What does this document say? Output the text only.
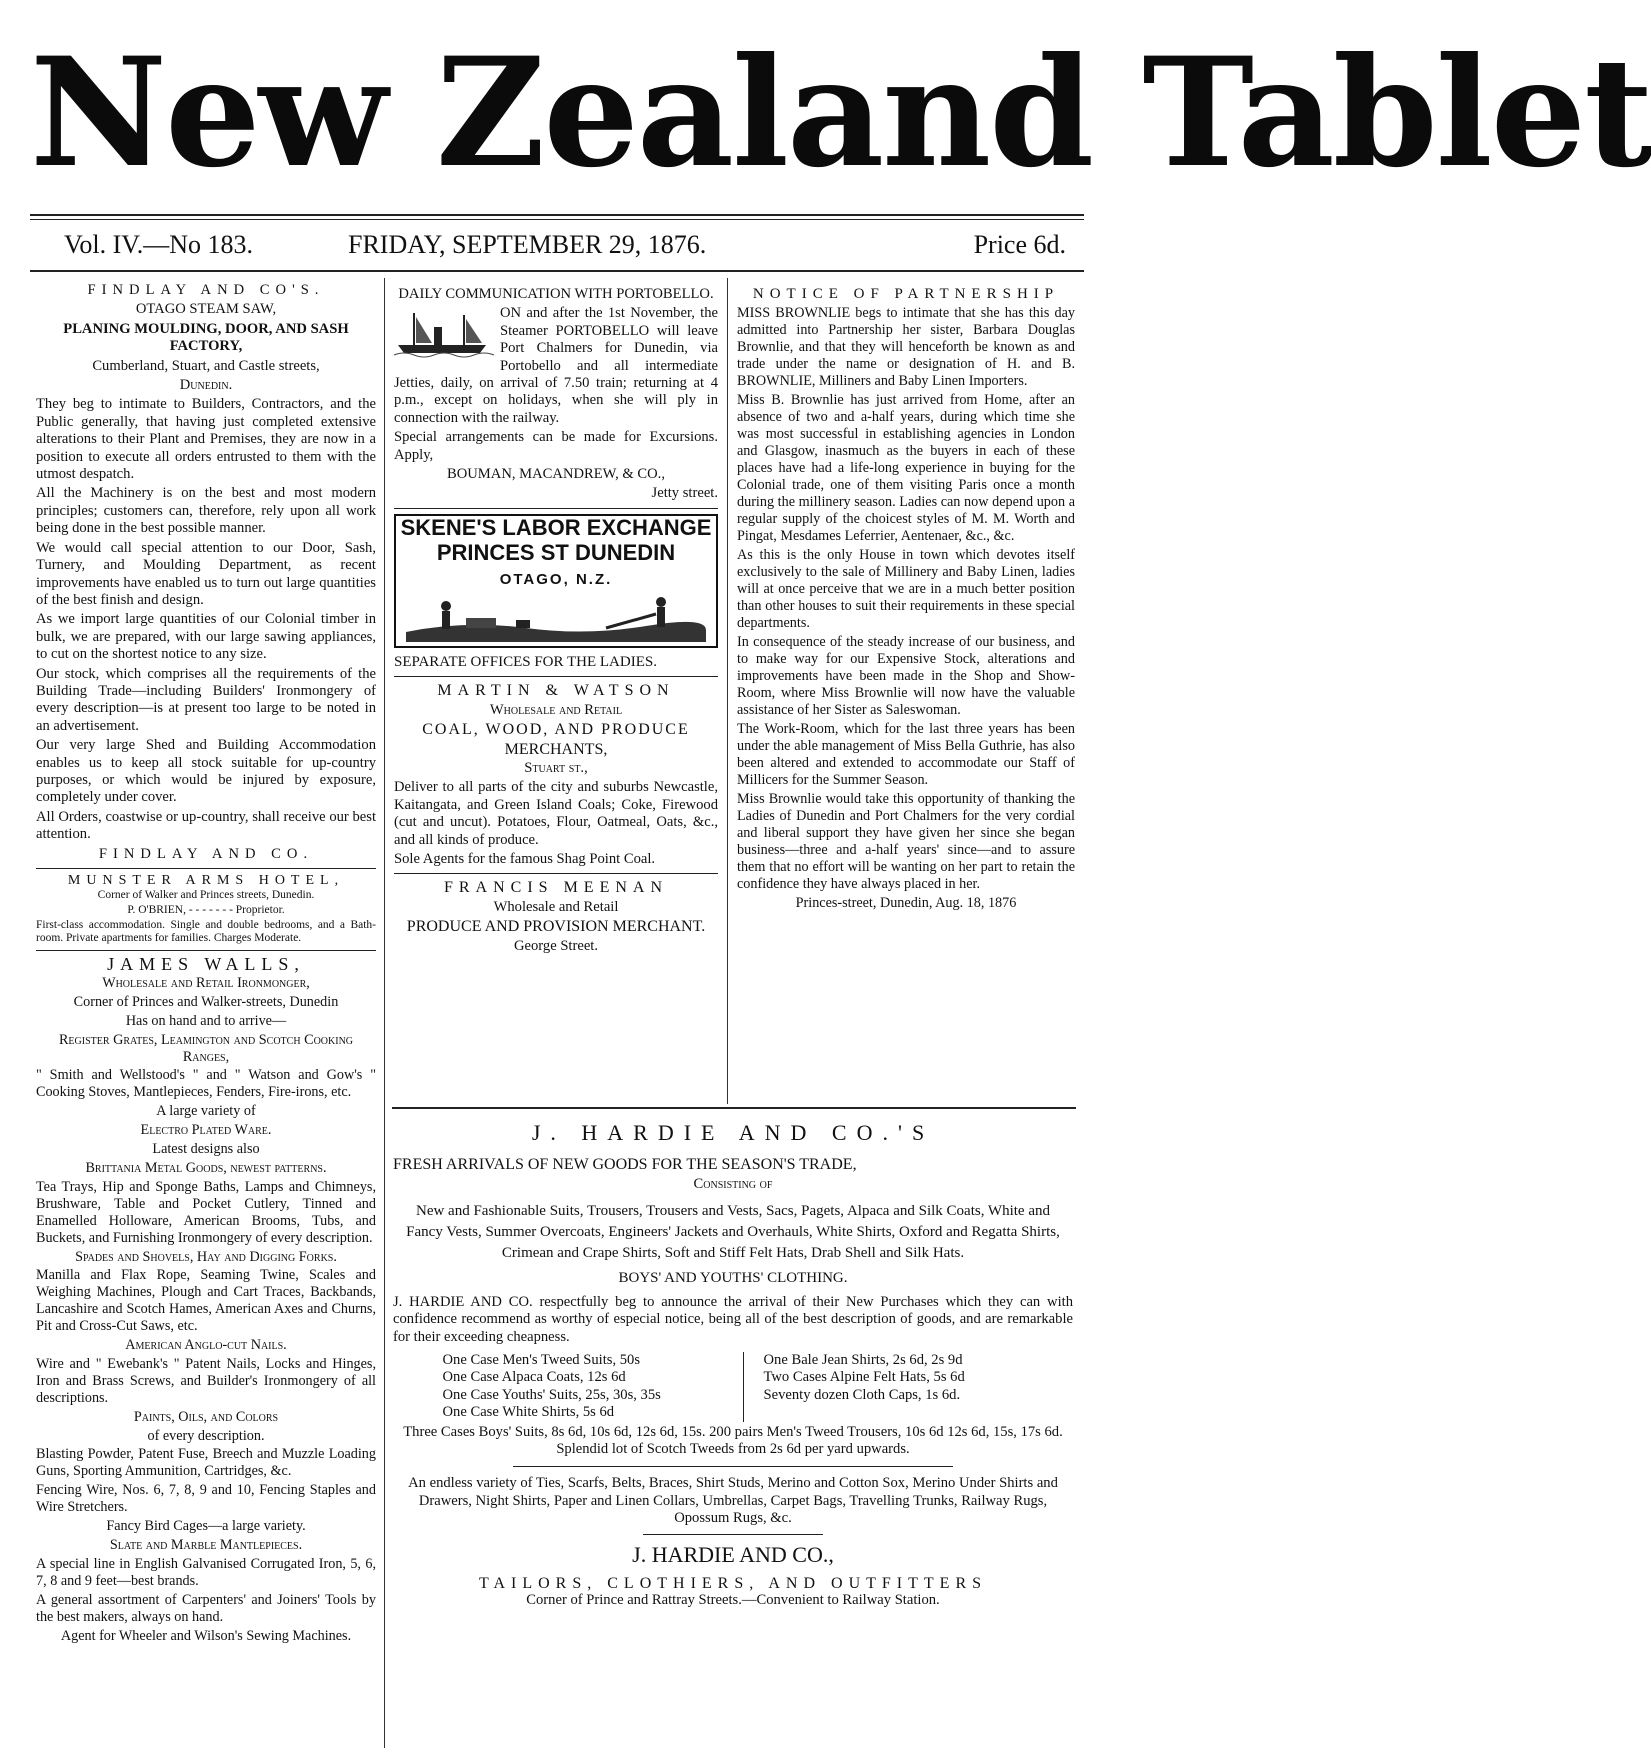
New Zealand Tablet
Vol. IV.—No 183.	FRIDAY, SEPTEMBER 29, 1876.	Price 6d.

FINDLAY AND CO'S.

OTAGO STEAM SAW,

PLANING MOULDING, DOOR, AND SASH FACTORY,

Cumberland, Stuart, and Castle streets,

Dunedin.

They beg to intimate to Builders, Contractors, and the Public generally, that having just completed extensive alterations to their Plant and Premises, they are now in a position to execute all orders entrusted to them with the utmost despatch.

All the Machinery is on the best and most modern principles; customers can, therefore, rely upon all work being done in the best possible manner.

We would call special attention to our Door, Sash, Turnery, and Moulding Department, as recent improvements have enabled us to turn out large quantities of the best finish and design.

As we import large quantities of our Colonial timber in bulk, we are prepared, with our large sawing appliances, to cut on the shortest notice to any size.

Our stock, which comprises all the requirements of the Building Trade—including Builders' Ironmongery of every description—is at present too large to be noted in an advertisement.

Our very large Shed and Building Accommodation enables us to keep all stock suitable for up-country purposes, or which would be injured by exposure, completely under cover.

All Orders, coastwise or up-country, shall receive our best attention.

FINDLAY AND CO.

MUNSTER ARMS HOTEL,

Corner of Walker and Princes streets, Dunedin.

P. O'BRIEN, - - - - - - - Proprietor.

First-class accommodation. Single and double bedrooms, and a Bath-room. Private apartments for families. Charges Moderate.

JAMES WALLS,

Wholesale and Retail Ironmonger,

Corner of Princes and Walker-streets, Dunedin

Has on hand and to arrive—

Register Grates, Leamington and Scotch Cooking Ranges,

" Smith and Wellstood's " and " Watson and Gow's " Cooking Stoves, Mantlepieces, Fenders, Fire-irons, etc.

A large variety of

Electro Plated Ware.

Latest designs also

Brittania Metal Goods, newest patterns.

Tea Trays, Hip and Sponge Baths, Lamps and Chimneys, Brushware, Table and Pocket Cutlery, Tinned and Enamelled Holloware, American Brooms, Tubs, and Buckets, and Furnishing Ironmongery of every description.

Spades and Shovels, Hay and Digging Forks.

Manilla and Flax Rope, Seaming Twine, Scales and Weighing Machines, Plough and Cart Traces, Backbands, Lancashire and Scotch Hames, American Axes and Churns, Pit and Cross-Cut Saws, etc.

American Anglo-cut Nails.

Wire and " Ewebank's " Patent Nails, Locks and Hinges, Iron and Brass Screws, and Builder's Ironmongery of all descriptions.

Paints, Oils, and Colors

of every description.

Blasting Powder, Patent Fuse, Breech and Muzzle Loading Guns, Sporting Ammunition, Cartridges, &c.

Fencing Wire, Nos. 6, 7, 8, 9 and 10, Fencing Staples and Wire Stretchers.

Fancy Bird Cages—a large variety.

Slate and Marble Mantlepieces.

A special line in English Galvanised Corrugated Iron, 5, 6, 7, 8 and 9 feet—best brands.

A general assortment of Carpenters' and Joiners' Tools by the best makers, always on hand.

Agent for Wheeler and Wilson's Sewing Machines.

DAILY COMMUNICATION WITH PORTOBELLO.

ON and after the 1st November, the Steamer PORTOBELLO will leave Port Chalmers for Dunedin, via Portobello and all intermediate Jetties, daily, on arrival of 7.50 train; returning at 4 p.m., except on holidays, when she will ply in connection with the railway.

Special arrangements can be made for Excursions. Apply,

BOUMAN, MACANDREW, & CO.,

Jetty street.

SKENE'S LABOR EXCHANGE
PRINCES ST DUNEDIN
OTAGO, N.Z.

SEPARATE OFFICES FOR THE LADIES.

MARTIN & WATSON

Wholesale and Retail

COAL, WOOD, AND PRODUCE

MERCHANTS,

Stuart st.,

Deliver to all parts of the city and suburbs Newcastle, Kaitangata, and Green Island Coals; Coke, Firewood (cut and uncut). Potatoes, Flour, Oatmeal, Oats, &c., and all kinds of produce.

Sole Agents for the famous Shag Point Coal.

FRANCIS MEENAN

Wholesale and Retail

PRODUCE AND PROVISION MERCHANT.

George Street.

NOTICE OF PARTNERSHIP

MISS BROWNLIE begs to intimate that she has this day admitted into Partnership her sister, Barbara Douglas Brownlie, and that they will henceforth be known as and trade under the name or designation of H. and B. BROWNLIE, Milliners and Baby Linen Importers.

Miss B. Brownlie has just arrived from Home, after an absence of two and a-half years, during which time she was most successful in establishing agencies in London and Glasgow, inasmuch as the buyers in each of these places have had a life-long experience in buying for the Colonial trade, one of them visiting Paris once a month during the millinery season. Ladies can now depend upon a regular supply of the choicest styles of M. M. Worth and Pingat, Mesdames Leferrier, Aentenaer, &c., &c.

As this is the only House in town which devotes itself exclusively to the sale of Millinery and Baby Linen, ladies will at once perceive that we are in a much better position than other houses to suit their requirements in these special departments.

In consequence of the steady increase of our business, and to make way for our Expensive Stock, alterations and improvements have been made in the Shop and Show-Room, where Miss Brownlie will now have the valuable assistance of her Sister as Saleswoman.

The Work-Room, which for the last three years has been under the able management of Miss Bella Guthrie, has also been altered and extended to accommodate our Staff of Millicers for the Summer Season.

Miss Brownlie would take this opportunity of thanking the Ladies of Dunedin and Port Chalmers for the very cordial and liberal support they have given her since she began business—three and a-half years' since—and to assure them that no effort will be wanting on her part to retain the confidence they have always placed in her.

Princes-street, Dunedin, Aug. 18, 1876

J. HARDIE AND CO.'S

FRESH ARRIVALS OF NEW GOODS FOR THE SEASON'S TRADE,

Consisting of

New and Fashionable Suits, Trousers, Trousers and Vests, Sacs, Pagets, Alpaca and Silk Coats, White and Fancy Vests, Summer Overcoats, Engineers' Jackets and Overhauls, White Shirts, Oxford and Regatta Shirts, Crimean and Crape Shirts, Soft and Stiff Felt Hats, Drab Shell and Silk Hats.

BOYS' AND YOUTHS' CLOTHING.

J. HARDIE AND CO. respectfully beg to announce the arrival of their New Purchases which they can with confidence recommend as worthy of especial notice, being all of the best description of goods, and are remarkable for their exceeding cheapness.

One Case Men's Tweed Suits, 50s
One Case Alpaca Coats, 12s 6d
One Case Youths' Suits, 25s, 30s, 35s
One Case White Shirts, 5s 6d
One Bale Jean Shirts, 2s 6d, 2s 9d
Two Cases Alpine Felt Hats, 5s 6d
Seventy dozen Cloth Caps, 1s 6d.

Three Cases Boys' Suits, 8s 6d, 10s 6d, 12s 6d, 15s. 200 pairs Men's Tweed Trousers, 10s 6d 12s 6d, 15s, 17s 6d. Splendid lot of Scotch Tweeds from 2s 6d per yard upwards.

An endless variety of Ties, Scarfs, Belts, Braces, Shirt Studs, Merino and Cotton Sox, Merino Under Shirts and Drawers, Night Shirts, Paper and Linen Collars, Umbrellas, Carpet Bags, Travelling Trunks, Railway Rugs, Opossum Rugs, &c.

J. HARDIE AND CO.,

TAILORS, CLOTHIERS, AND OUTFITTERS

Corner of Prince and Rattray Streets.—Convenient to Railway Station.
